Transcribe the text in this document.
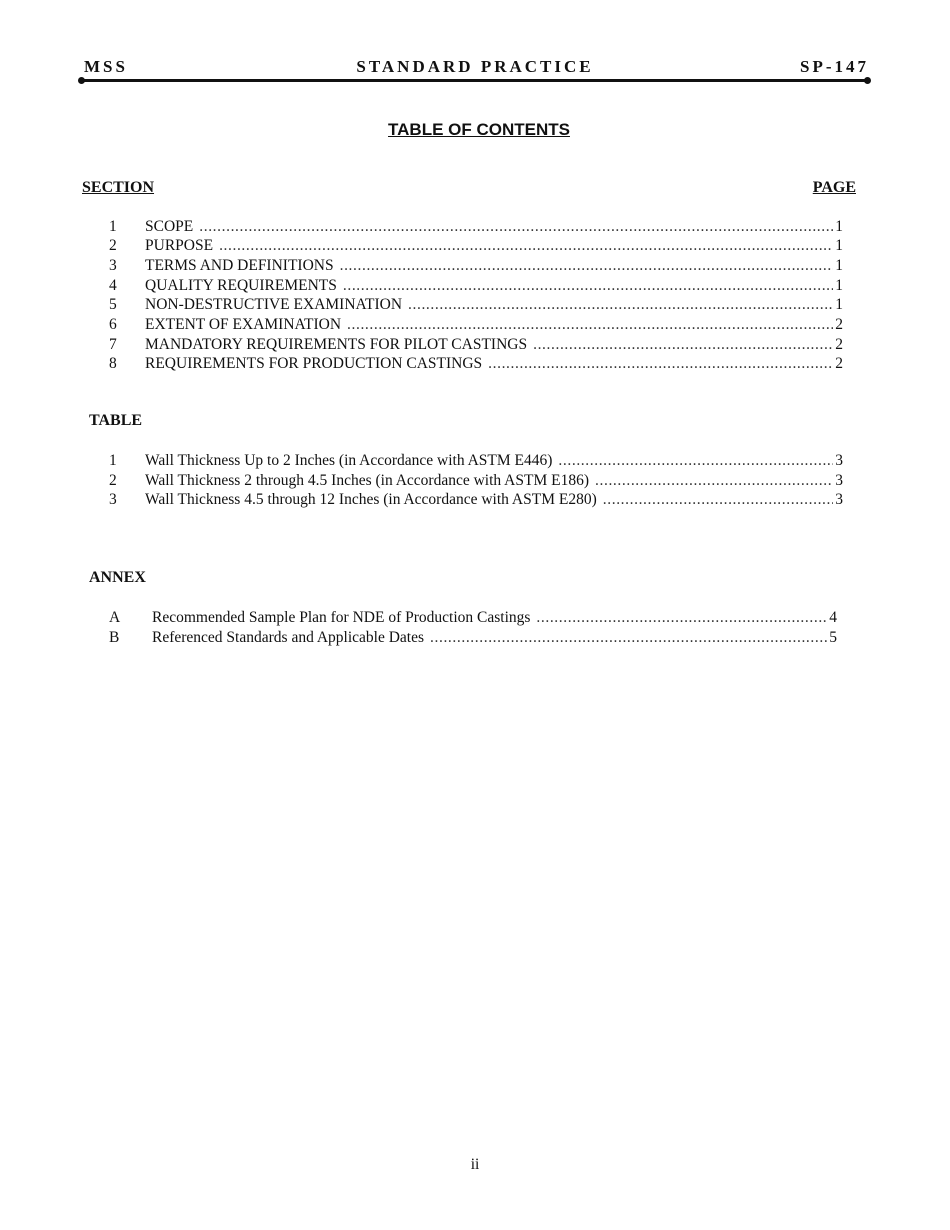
MSS	STANDARD PRACTICE	SP-147
TABLE OF CONTENTS
SECTION	PAGE
1 SCOPE .....	1
2 PURPOSE .....	1
3 TERMS AND DEFINITIONS .....	1
4 QUALITY REQUIREMENTS .....	1
5 NON-DESTRUCTIVE EXAMINATION .....	1
6 EXTENT OF EXAMINATION .....	2
7 MANDATORY REQUIREMENTS FOR PILOT CASTINGS .....	2
8 REQUIREMENTS FOR PRODUCTION CASTINGS .....	2
TABLE
1 Wall Thickness Up to 2 Inches (in Accordance with ASTM E446) .....	3
2 Wall Thickness 2 through 4.5 Inches (in Accordance with ASTM E186) .....	3
3 Wall Thickness 4.5 through 12 Inches (in Accordance with ASTM E280) .....	3
ANNEX
A Recommended Sample Plan for NDE of Production Castings .....	4
B Referenced Standards and Applicable Dates .....	5
ii
